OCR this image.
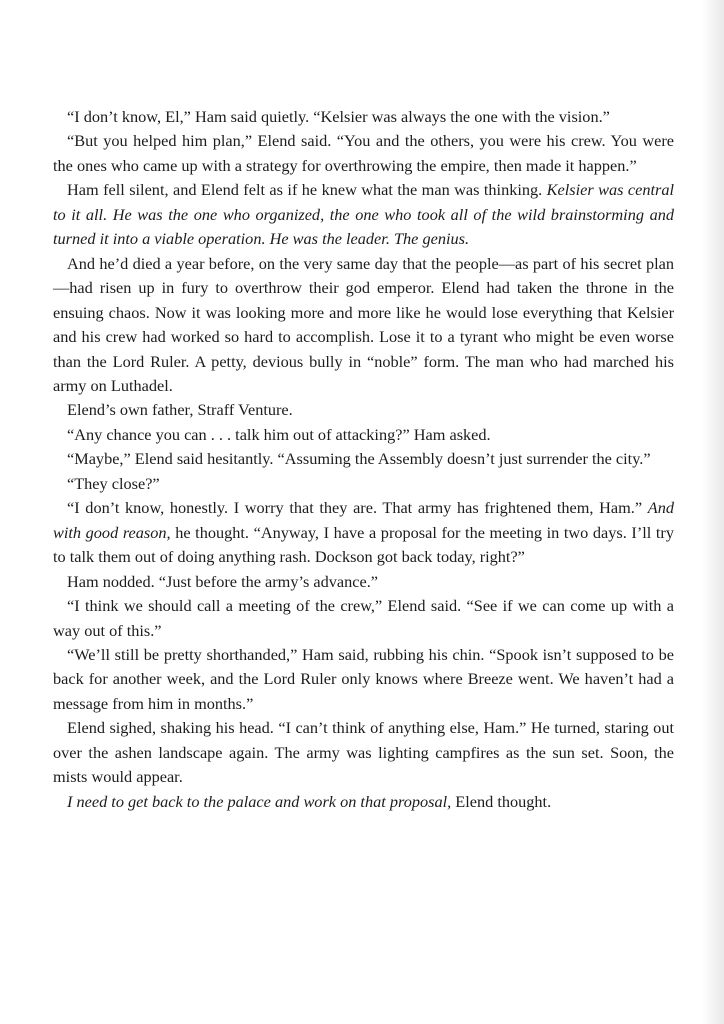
“I don’t know, El,” Ham said quietly. “Kelsier was always the one with the vision.”

“But you helped him plan,” Elend said. “You and the others, you were his crew. You were the ones who came up with a strategy for overthrowing the empire, then made it happen.”

Ham fell silent, and Elend felt as if he knew what the man was thinking. Kelsier was central to it all. He was the one who organized, the one who took all of the wild brainstorming and turned it into a viable operation. He was the leader. The genius.

And he’d died a year before, on the very same day that the people—as part of his secret plan—had risen up in fury to overthrow their god emperor. Elend had taken the throne in the ensuing chaos. Now it was looking more and more like he would lose everything that Kelsier and his crew had worked so hard to accomplish. Lose it to a tyrant who might be even worse than the Lord Ruler. A petty, devious bully in “noble” form. The man who had marched his army on Luthadel.

Elend’s own father, Straff Venture.

“Any chance you can . . . talk him out of attacking?” Ham asked.

“Maybe,” Elend said hesitantly. “Assuming the Assembly doesn’t just surrender the city.”

“They close?”

“I don’t know, honestly. I worry that they are. That army has frightened them, Ham.” And with good reason, he thought. “Anyway, I have a proposal for the meeting in two days. I’ll try to talk them out of doing anything rash. Dockson got back today, right?”

Ham nodded. “Just before the army’s advance.”

“I think we should call a meeting of the crew,” Elend said. “See if we can come up with a way out of this.”

“We’ll still be pretty shorthanded,” Ham said, rubbing his chin. “Spook isn’t supposed to be back for another week, and the Lord Ruler only knows where Breeze went. We haven’t had a message from him in months.”

Elend sighed, shaking his head. “I can’t think of anything else, Ham.” He turned, staring out over the ashen landscape again. The army was lighting campfires as the sun set. Soon, the mists would appear.

I need to get back to the palace and work on that proposal, Elend thought.
